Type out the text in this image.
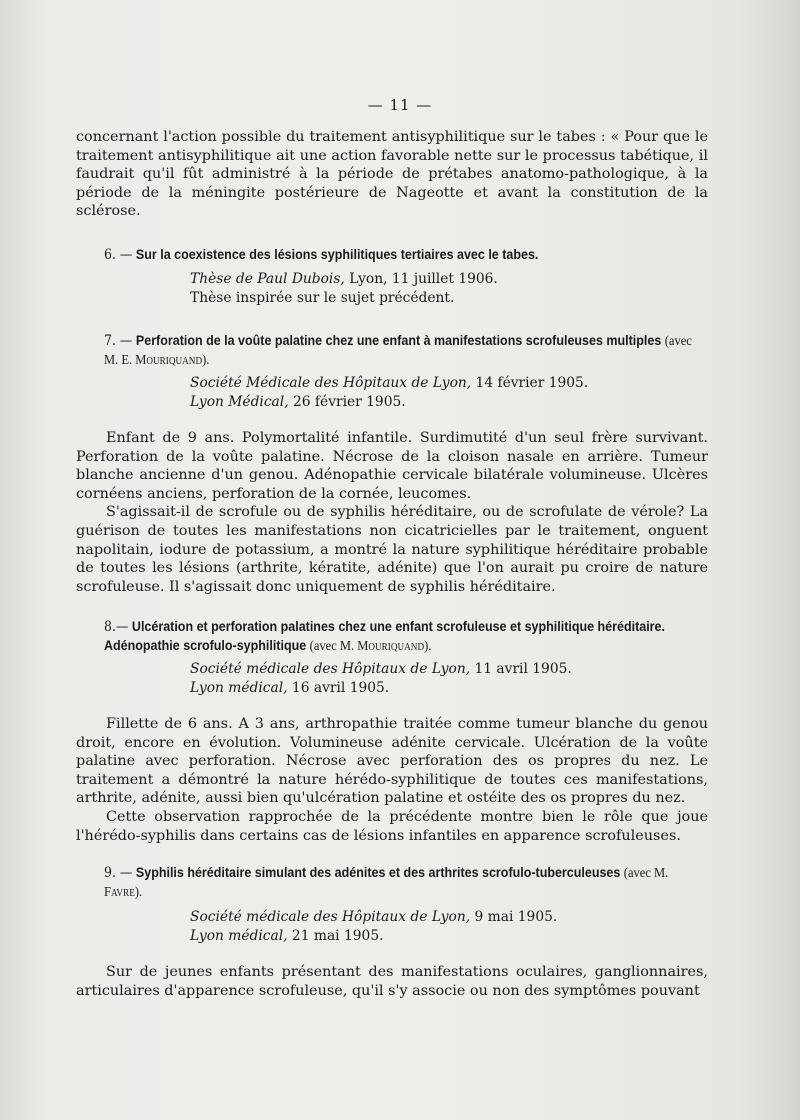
— 11 —

concernant l'action possible du traitement antisyphilitique sur le tabes : « Pour que le traitement antisyphilitique ait une action favorable nette sur le processus tabétique, il faudrait qu'il fût administré à la période de prétabes anatomo-pathologique, à la période de la méningite postérieure de Nageotte et avant la constitution de la sclérose.

6. — Sur la coexistence des lésions syphilitiques tertiaires avec le tabes.

Thèse de Paul Dubois, Lyon, 11 juillet 1906.

Thèse inspirée sur le sujet précédent.

7. — Perforation de la voûte palatine chez une enfant à manifestations scrofuleuses multiples (avec M. E. Mouriquand).

Société Médicale des Hôpitaux de Lyon, 14 février 1905.

Lyon Médical, 26 février 1905.

Enfant de 9 ans. Polymortalité infantile. Surdimutité d'un seul frère survivant. Perforation de la voûte palatine. Nécrose de la cloison nasale en arrière. Tumeur blanche ancienne d'un genou. Adénopathie cervicale bilatérale volumineuse. Ulcères cornéens anciens, perforation de la cornée, leucomes.

S'agissait-il de scrofule ou de syphilis héréditaire, ou de scrofulate de vérole? La guérison de toutes les manifestations non cicatricielles par le traitement, onguent napolitain, iodure de potassium, a montré la nature syphilitique héréditaire probable de toutes les lésions (arthrite, kératite, adénite) que l'on aurait pu croire de nature scrofuleuse. Il s'agissait donc uniquement de syphilis héréditaire.

8.— Ulcération et perforation palatines chez une enfant scrofuleuse et syphilitique héréditaire. Adénopathie scrofulo-syphilitique (avec M. Mouriquand).

Société médicale des Hôpitaux de Lyon, 11 avril 1905.

Lyon médical, 16 avril 1905.

Fillette de 6 ans. A 3 ans, arthropathie traitée comme tumeur blanche du genou droit, encore en évolution. Volumineuse adénite cervicale. Ulcération de la voûte palatine avec perforation. Nécrose avec perforation des os propres du nez. Le traitement a démontré la nature hérédo-syphilitique de toutes ces manifestations, arthrite, adénite, aussi bien qu'ulcération palatine et ostéite des os propres du nez.

Cette observation rapprochée de la précédente montre bien le rôle que joue l'hérédo-syphilis dans certains cas de lésions infantiles en apparence scrofuleuses.

9. — Syphilis héréditaire simulant des adénites et des arthrites scrofulo-tuberculeuses (avec M. Favre).

Société médicale des Hôpitaux de Lyon, 9 mai 1905.

Lyon médical, 21 mai 1905.

Sur de jeunes enfants présentant des manifestations oculaires, ganglionnaires, articulaires d'apparence scrofuleuse, qu'il s'y associe ou non des symptômes pouvant
